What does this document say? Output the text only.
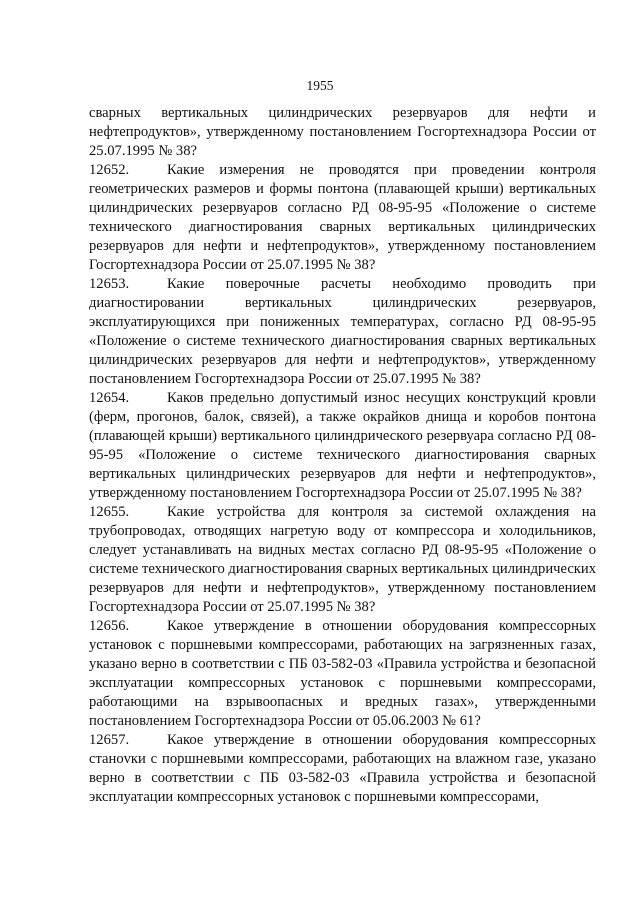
1955

сварных вертикальных цилиндрических резервуаров для нефти и нефтепродуктов», утвержденному постановлением Госгортехнадзора России от 25.07.1995 № 38?

12652.	Какие измерения не проводятся при проведении контроля геометрических размеров и формы понтона (плавающей крыши) вертикальных цилиндрических резервуаров согласно РД 08-95-95 «Положение о системе технического диагностирования сварных вертикальных цилиндрических резервуаров для нефти и нефтепродуктов», утвержденному постановлением Госгортехнадзора России от 25.07.1995 № 38?

12653.	Какие поверочные расчеты необходимо проводить при диагностировании вертикальных цилиндрических резервуаров, эксплуатирующихся при пониженных температурах, согласно РД 08-95-95 «Положение о системе технического диагностирования сварных вертикальных цилиндрических резервуаров для нефти и нефтепродуктов», утвержденному постановлением Госгортехнадзора России от 25.07.1995 № 38?

12654.	Каков предельно допустимый износ несущих конструкций кровли (ферм, прогонов, балок, связей), а также окрайков днища и коробов понтона (плавающей крыши) вертикального цилиндрического резервуара согласно РД 08-95-95 «Положение о системе технического диагностирования сварных вертикальных цилиндрических резервуаров для нефти и нефтепродуктов», утвержденному постановлением Госгортехнадзора России от 25.07.1995 № 38?

12655.	Какие устройства для контроля за системой охлаждения на трубопроводах, отводящих нагретую воду от компрессора и холодильников, следует устанавливать на видных местах согласно РД 08-95-95 «Положение о системе технического диагностирования сварных вертикальных цилиндрических резервуаров для нефти и нефтепродуктов», утвержденному постановлением Госгортехнадзора России от 25.07.1995 № 38?

12656.	Какое утверждение в отношении оборудования компрессорных установок с поршневыми компрессорами, работающих на загрязненных газах, указано верно в соответствии с ПБ 03-582-03 «Правила устройства и безопасной эксплуатации компрессорных установок с поршневыми компрессорами, работающими на взрывоопасных и вредных газах», утвержденными постановлением Госгортехнадзора России от 05.06.2003 № 61?

12657.	Какое утверждение в отношении оборудования компрессорных станovки с поршневыми компрессорами, работающих на влажном газе, указано верно в соответствии с ПБ 03-582-03 «Правила устройства и безопасной эксплуатации компрессорных установок с поршневыми компрессорами,
